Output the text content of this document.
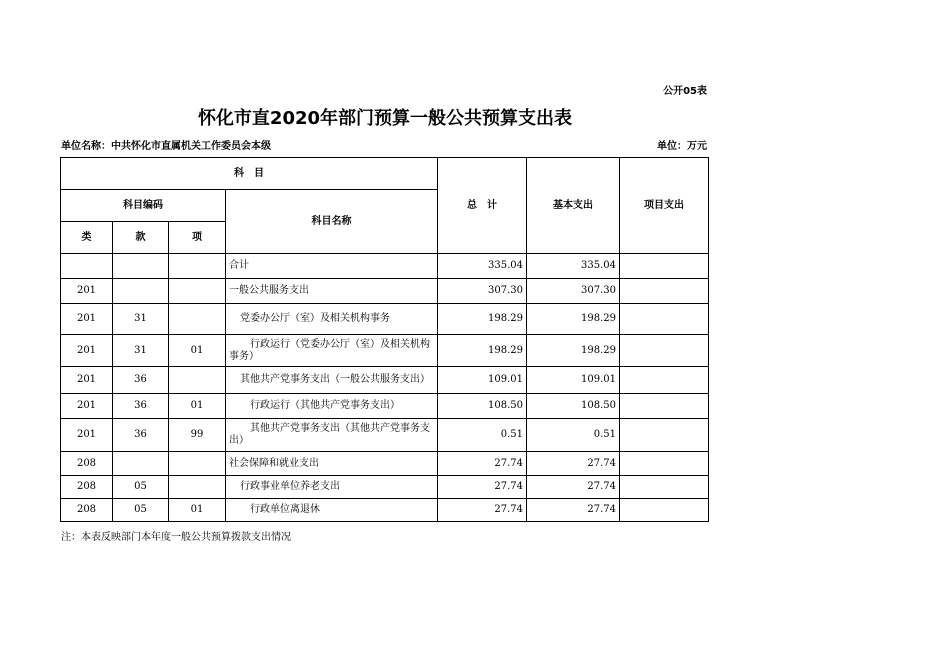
公开05表
怀化市直2020年部门预算一般公共预算支出表
单位名称：中共怀化市直属机关工作委员会本级	单位：万元
科　目				总　计	基本支出	项目支出
科目编码			科目名称			
类	款	项				
			合计	335.04	335.04	
201			一般公共服务支出	307.30	307.30	
201	31		党委办公厅（室）及相关机构事务	198.29	198.29	
201	31	01	行政运行（党委办公厅（室）及相关机构事务）	198.29	198.29	
201	36		其他共产党事务支出（一般公共服务支出）	109.01	109.01	
201	36	01	行政运行（其他共产党事务支出）	108.50	108.50	
201	36	99	其他共产党事务支出（其他共产党事务支出）	0.51	0.51	
208			社会保障和就业支出	27.74	27.74	
208	05		行政事业单位养老支出	27.74	27.74	
208	05	01	行政单位离退休	27.74	27.74	
注：本表反映部门本年度一般公共预算拨款支出情况
